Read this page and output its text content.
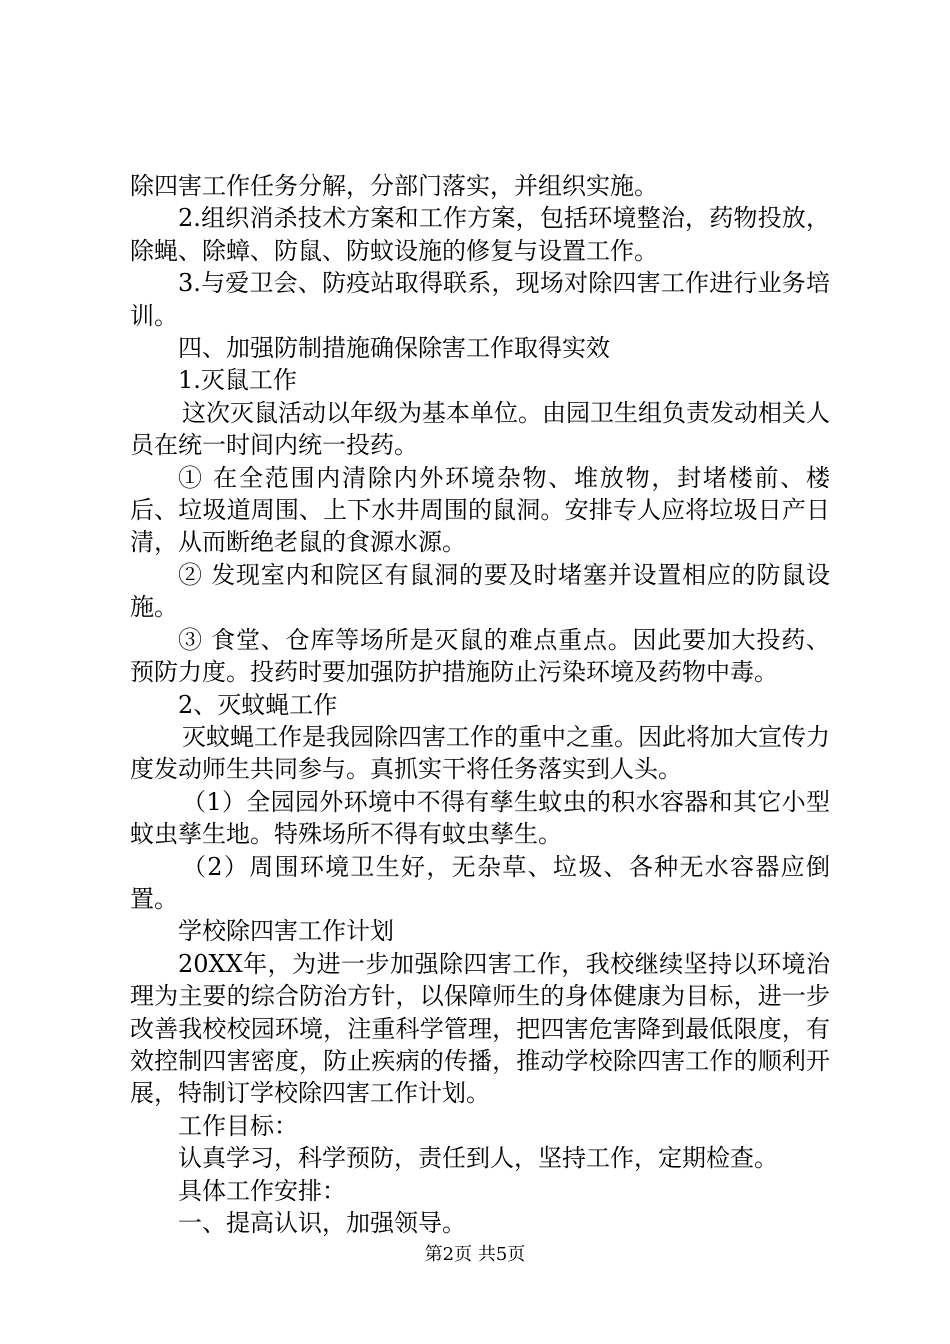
除四害工作任务分解，分部门落实，并组织实施。

2.组织消杀技术方案和工作方案，包括环境整治，药物投放，除蝇、除蟑、防鼠、防蚊设施的修复与设置工作。

3.与爱卫会、防疫站取得联系，现场对除四害工作进行业务培训。

四、加强防制措施确保除害工作取得实效

1.灭鼠工作

这次灭鼠活动以年级为基本单位。由园卫生组负责发动相关人员在统一时间内统一投药。

① 在全范围内清除内外环境杂物、堆放物，封堵楼前、楼后、垃圾道周围、上下水井周围的鼠洞。安排专人应将垃圾日产日清，从而断绝老鼠的食源水源。

② 发现室内和院区有鼠洞的要及时堵塞并设置相应的防鼠设施。

③ 食堂、仓库等场所是灭鼠的难点重点。因此要加大投药、预防力度。投药时要加强防护措施防止污染环境及药物中毒。

2、灭蚊蝇工作

灭蚊蝇工作是我园除四害工作的重中之重。因此将加大宣传力度发动师生共同参与。真抓实干将任务落实到人头。

（1）全园园外环境中不得有孳生蚊虫的积水容器和其它小型蚊虫孳生地。特殊场所不得有蚊虫孳生。

（2）周围环境卫生好，无杂草、垃圾、各种无水容器应倒置。

学校除四害工作计划

20XX年，为进一步加强除四害工作，我校继续坚持以环境治理为主要的综合防治方针，以保障师生的身体健康为目标，进一步改善我校校园环境，注重科学管理，把四害危害降到最低限度，有效控制四害密度，防止疾病的传播，推动学校除四害工作的顺利开展，特制订学校除四害工作计划。

工作目标：

认真学习，科学预防，责任到人，坚持工作，定期检查。

具体工作安排：

一、提高认识，加强领导。

第2页 共5页
